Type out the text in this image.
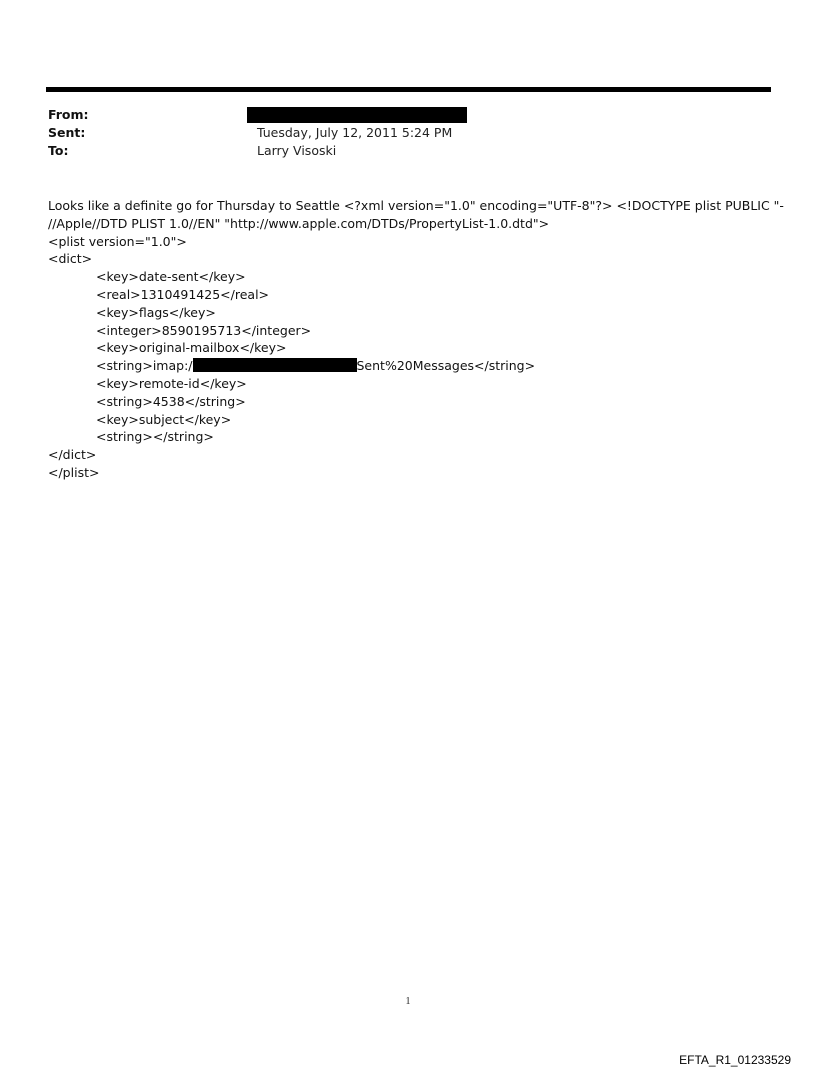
From:
Sent:	Tuesday, July 12, 2011 5:24 PM
To:	Larry Visoski
Looks like a definite go for Thursday to Seattle <?xml version="1.0" encoding="UTF-8"?> <!DOCTYPE plist PUBLIC "-
//Apple//DTD PLIST 1.0//EN" "http://www.apple.com/DTDs/PropertyList-1.0.dtd">
<plist version="1.0">
<dict>
<key>date-sent</key>
<real>1310491425</real>
<key>flags</key>
<integer>8590195713</integer>
<key>original-mailbox</key>
<string>imap:/	Sent%20Messages</string>
<key>remote-id</key>
<string>4538</string>
<key>subject</key>
<string></string>
</dict>
</plist>
1
EFTA_R1_01233529
